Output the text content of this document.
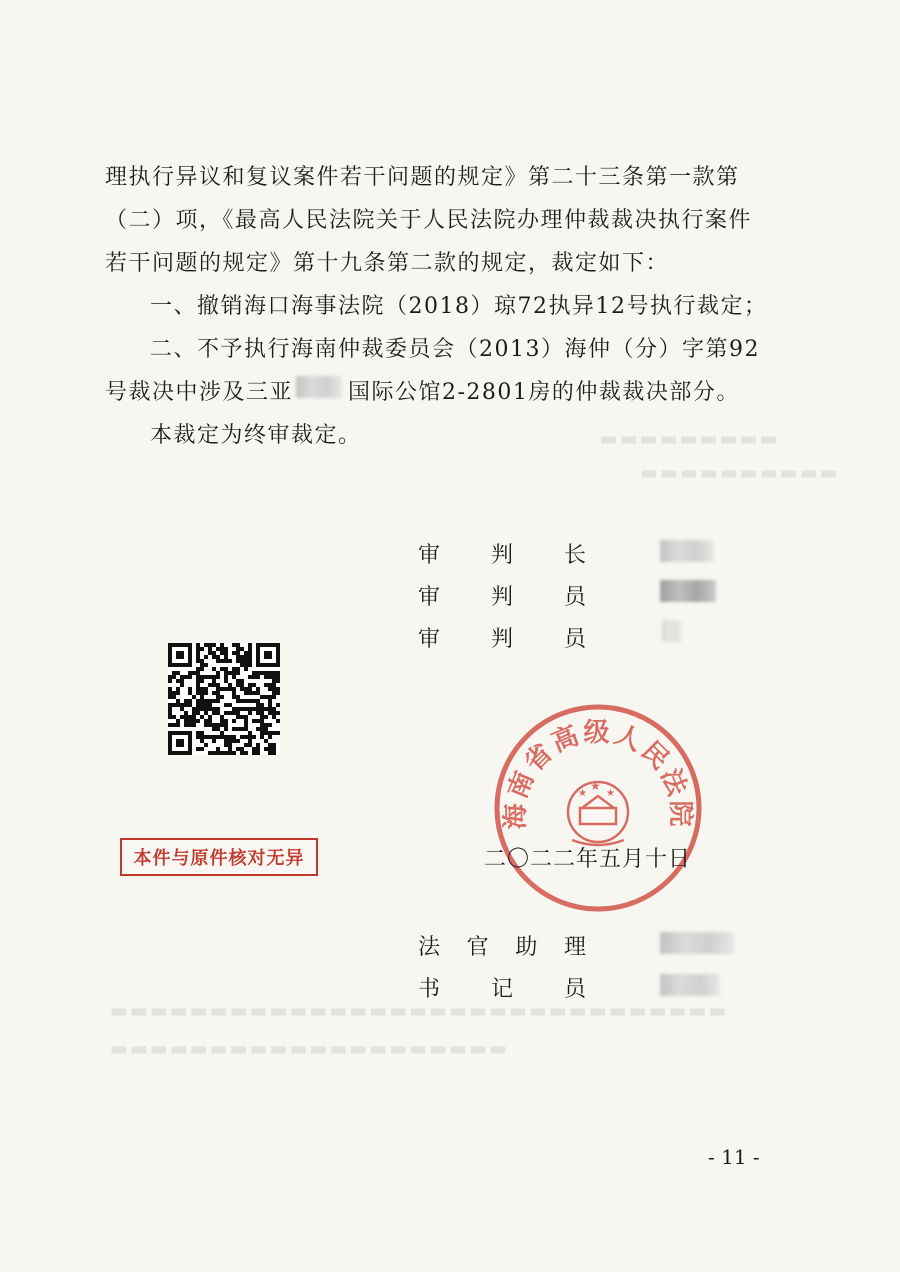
▬▬▬▬▬▬▬▬▬
▬▬▬▬▬▬▬▬▬▬
▬▬▬▬▬▬▬▬▬▬▬▬▬▬▬▬▬▬▬▬▬▬▬▬▬▬▬▬▬▬▬
▬▬▬▬▬▬▬▬▬▬▬▬▬▬▬▬▬▬▬▬
理执行异议和复议案件若干问题的规定》第二十三条第一款第
（二）项，《最高人民法院关于人民法院办理仲裁裁决执行案件
若干问题的规定》第十九条第二款的规定，裁定如下：
一、撤销海口海事法院（2018）琼72执异12号执行裁定；
二、不予执行海南仲裁委员会（2013）海仲（分）字第92
号裁决中涉及三亚 国际公馆2-2801房的仲裁裁决部分。
本裁定为终审裁定。
审判长
审判员
审判员
海南省高级人民法院
★
★
★
本件与原件核对无异	二〇二二年五月十日
法官助理
书记员
- 11 -
